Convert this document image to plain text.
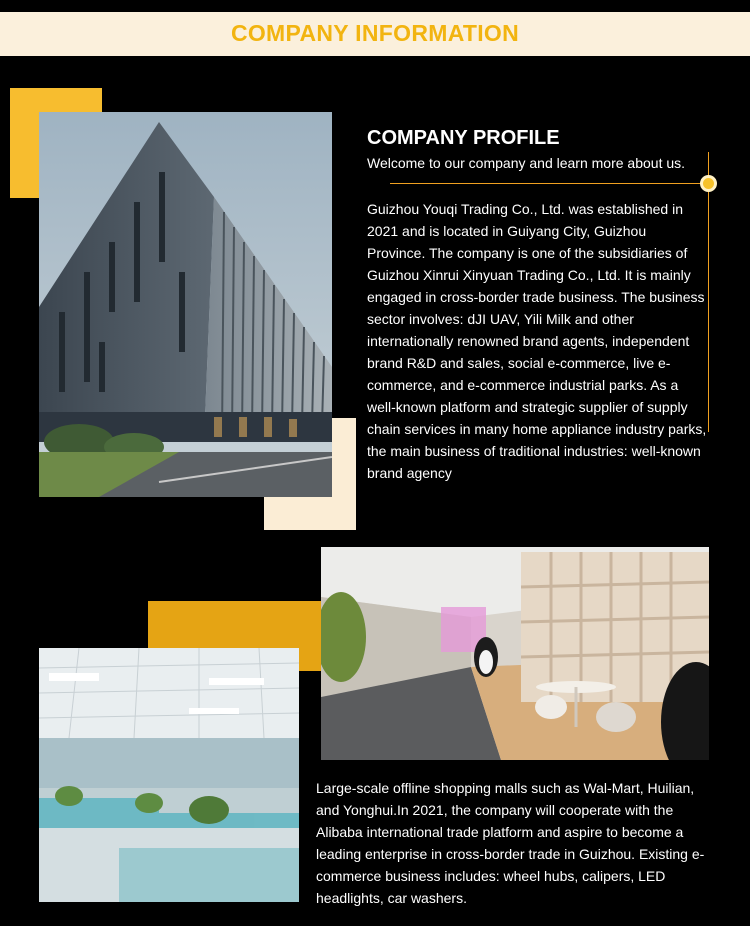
COMPANY INFORMATION
COMPANY PROFILE
Welcome to our company and learn more about us.
Guizhou Youqi Trading Co., Ltd. was established in 2021 and is located in Guiyang City, Guizhou Province. The company is one of the subsidiaries of Guizhou Xinrui Xinyuan Trading Co., Ltd. It is mainly engaged in cross-border trade business. The business sector involves: dJI UAV, Yili Milk and other internationally renowned brand agents, independent brand R&D and sales, social e-commerce, live e-commerce, and e-commerce industrial parks. As a well-known platform and strategic supplier of supply chain services in many home appliance industry parks, the main business of traditional industries: well-known brand agency
Large-scale offline shopping malls such as Wal-Mart, Huilian, and Yonghui.In 2021, the company will cooperate with the Alibaba international trade platform and aspire to become a leading enterprise in cross-border trade in Guizhou. Existing e-commerce business includes: wheel hubs, calipers, LED headlights, car washers.
